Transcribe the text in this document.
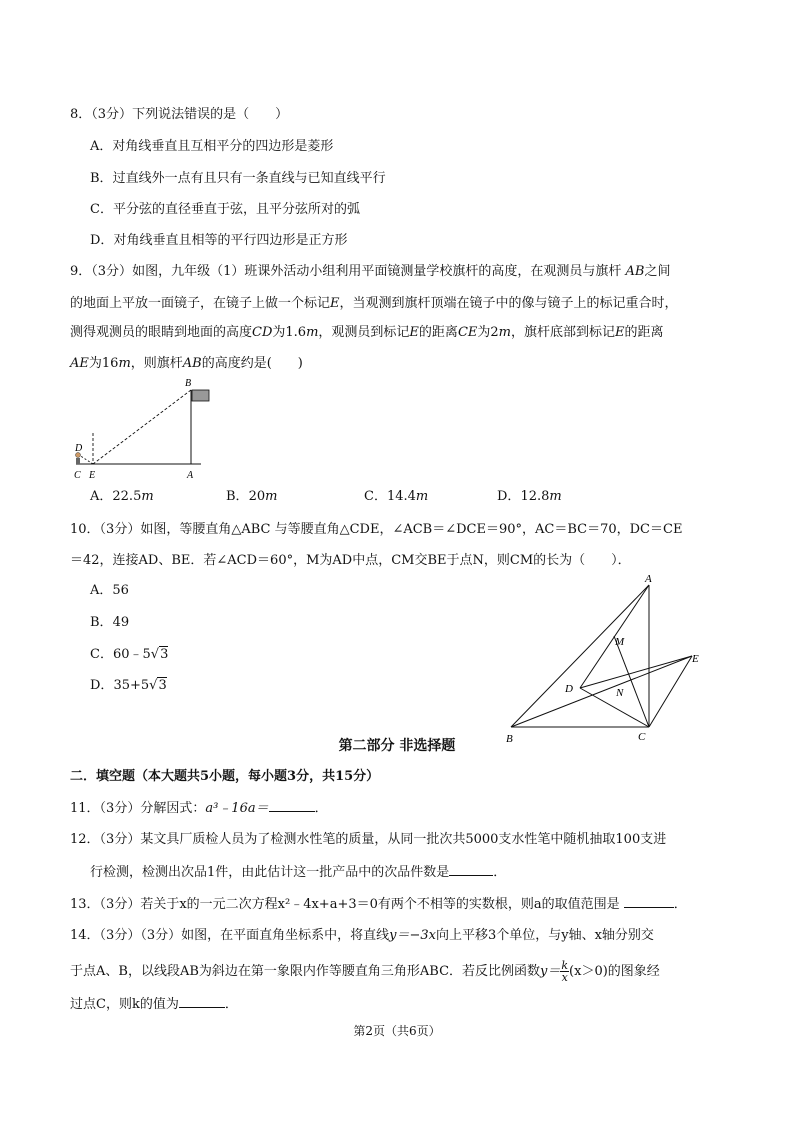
8．（3分）下列说法错误的是（　　）
A．对角线垂直且互相平分的四边形是菱形
B．过直线外一点有且只有一条直线与已知直线平行
C．平分弦的直径垂直于弦，且平分弦所对的弧
D．对角线垂直且相等的平行四边形是正方形
9．（3分）如图，九年级（1）班课外活动小组利用平面镜测量学校旗杆的高度，在观测员与旗杆 AB之间
的地面上平放一面镜子，在镜子上做一个标记E，当观测到旗杆顶端在镜子中的像与镜子上的标记重合时，
测得观测员的眼睛到地面的高度CD为1.6m，观测员到标记E的距离CE为2m，旗杆底部到标记E的距离
AE为16m，则旗杆AB的高度约是(　　)
B
D
C E	A
A．22.5m	B．20m	C．14.4m	D．12.8m
10．（3分）如图，等腰直角△ABC 与等腰直角△CDE，∠ACB＝∠DCE＝90°，AC＝BC＝70，DC＝CE
＝42，连接AD、BE．若∠ACD＝60°，M为AD中点，CM交BE于点N，则CM的长为（　　）．
A．56
B．49
C．60﹣5√3
D．35+5√3
A
M
E
D	N
B	C
第二部分 非选择题
二．填空题（本大题共5小题，每小题3分，共15分）
11．（3分）分解因式：a³﹣16a＝	．
12．（3分）某文具厂质检人员为了检测水性笔的质量，从同一批次共5000支水性笔中随机抽取100支进
行检测，检测出次品1件，由此估计这一批产品中的次品件数是	．
13．（3分）若关于x的一元二次方程x²﹣4x+a+3＝0有两个不相等的实数根，则a的取值范围是	．
14．（3分）（3分）如图，在平面直角坐标系中，将直线y＝−3x向上平移3个单位，与y轴、x轴分别交
于点A、B，以线段AB为斜边在第一象限内作等腰直角三角形ABC．若反比例函数$y= \frac{k}{x} (x>0)$的图象经
过点C，则k的值为	．
第2页（共6页）
